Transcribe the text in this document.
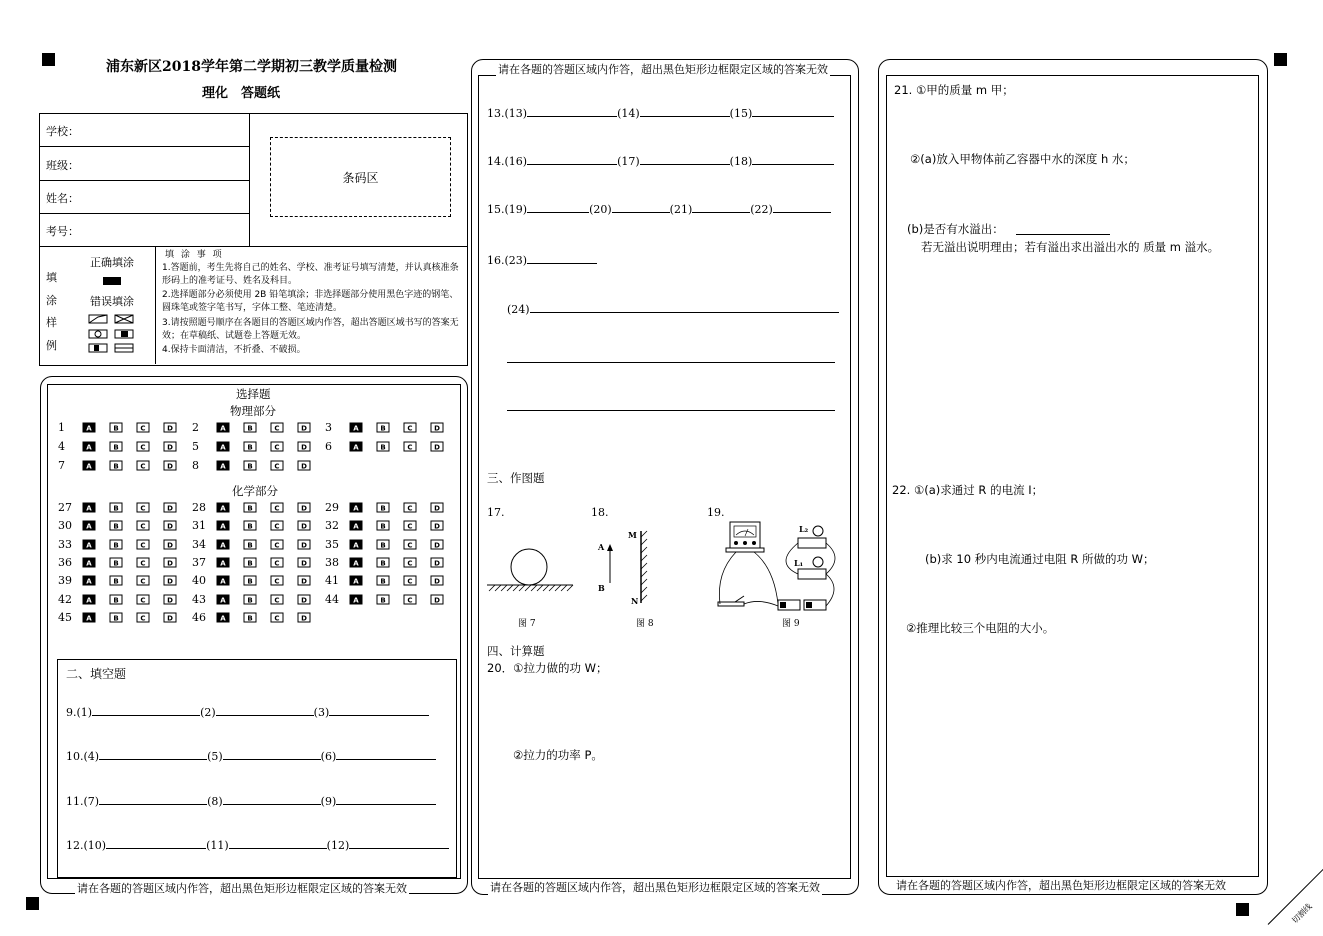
浦东新区2018学年第二学期初三教学质量检测
理化　答题纸
学校：
班级：
姓名：
考号：
条码区
填
涂
样
例
正确填涂
错误填涂
填 涂 事 项
1.答题前，考生先将自己的姓名、学校、准考证号填写清楚，并认真核准条形码上的准考证号、姓名及科目。
2.选择题部分必须使用 2B 铅笔填涂；非选择题部分使用黑色字迹的钢笔、圆珠笔或签字笔书写，字体工整、笔迹清楚。
3.请按照题号顺序在各题目的答题区域内作答，超出答题区域书写的答案无效；在草稿纸、试题卷上答题无效。
4.保持卡面清洁，不折叠、不破损。
请在各题的答题区域内作答，超出黑色矩形边框限定区域的答案无效
选择题
物理部分
1	A	B	C	D 2	A	B	C	D 3	A	B	C	D
4	A	B	C	D 5	A	B	C	D 6	A	B	C	D
7	A	B	C	D 8	A	B	C	D
化学部分
27 A	B	C	D 28 A	B	C	D 29 A	B	C	D
30 A	B	C	D 31 A	B	C	D 32 A	B	C	D
33 A	B	C	D 34 A	B	C	D 35 A	B	C	D
36 A	B	C	D 37 A	B	C	D 38 A	B	C	D
39 A	B	C	D 40 A	B	C	D 41 A	B	C	D
42 A	B	C	D 43 A	B	C	D 44 A	B	C	D
45 A	B	C	D 46 A	B	C	D
二、填空题
9.(1)	(2)	(3)
10.(4)	(5)	(6)
11.(7)	(8)	(9)
12.(10)	(11)	(12)
请在各题的答题区域内作答，超出黑色矩形边框限定区域的答案无效
请在各题的答题区域内作答，超出黑色矩形边框限定区域的答案无效
13.(13)	(14)	(15)
14.(16)	(17)	(18)
15.(19)	(20)	(21)	(22)
16.(23)
(24)
三、作图题
17.	18.	19.
图 7
M
N
A
B
图 8
L₂
L₁
图 9
四、计算题
20．①拉力做的功 W；
②拉力的功率 P。
请在各题的答题区域内作答，超出黑色矩形边框限定区域的答案无效
21. ①甲的质量 m 甲；
②(a)放入甲物体前乙容器中水的深度 h 水；
(b)是否有水溢出：
若无溢出说明理由；若有溢出求出溢出水的 质量 m 溢水。
22. ①(a)求通过 R 的电流 I；
(b)求 10 秒内电流通过电阻 R 所做的功 W；
②推理比较三个电阻的大小。
切割线
